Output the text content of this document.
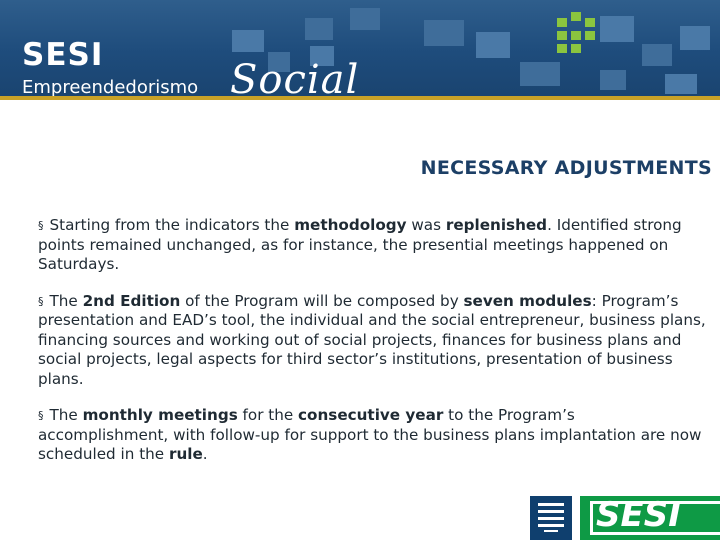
SESI
Empreendedorismo Social
NECESSARY ADJUSTMENTS

§ Starting from the indicators the methodology was replenished. Identified strong points remained unchanged, as for instance, the presential meetings happened on Saturdays.

§ The 2nd Edition of the Program will be composed by seven modules: Program’s presentation and EAD’s tool, the individual and the social entrepreneur, business plans, financing sources and working out of social projects, finances for business plans and social projects, legal aspects for third sector’s institutions, presentation of business plans.

§ The monthly meetings for the consecutive year to the Program’s accomplishment, with follow-up for support to the business plans implantation are now scheduled in the rule.

SESI
